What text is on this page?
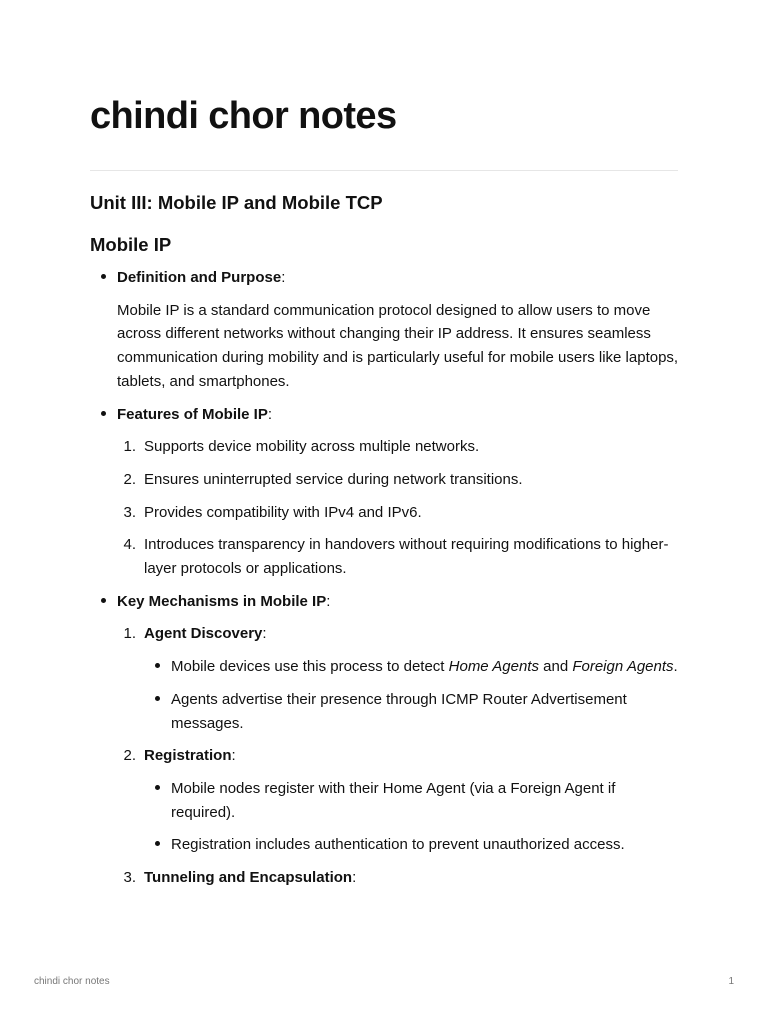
chindi chor notes
Unit III: Mobile IP and Mobile TCP
Mobile IP
Definition and Purpose:
Mobile IP is a standard communication protocol designed to allow users to move across different networks without changing their IP address. It ensures seamless communication during mobility and is particularly useful for mobile users like laptops, tablets, and smartphones.
Features of Mobile IP:
1. Supports device mobility across multiple networks.
2. Ensures uninterrupted service during network transitions.
3. Provides compatibility with IPv4 and IPv6.
4. Introduces transparency in handovers without requiring modifications to higher-layer protocols or applications.
Key Mechanisms in Mobile IP:
1. Agent Discovery:
Mobile devices use this process to detect Home Agents and Foreign Agents.
Agents advertise their presence through ICMP Router Advertisement messages.
2. Registration:
Mobile nodes register with their Home Agent (via a Foreign Agent if required).
Registration includes authentication to prevent unauthorized access.
3. Tunneling and Encapsulation:
chindi chor notes	1
